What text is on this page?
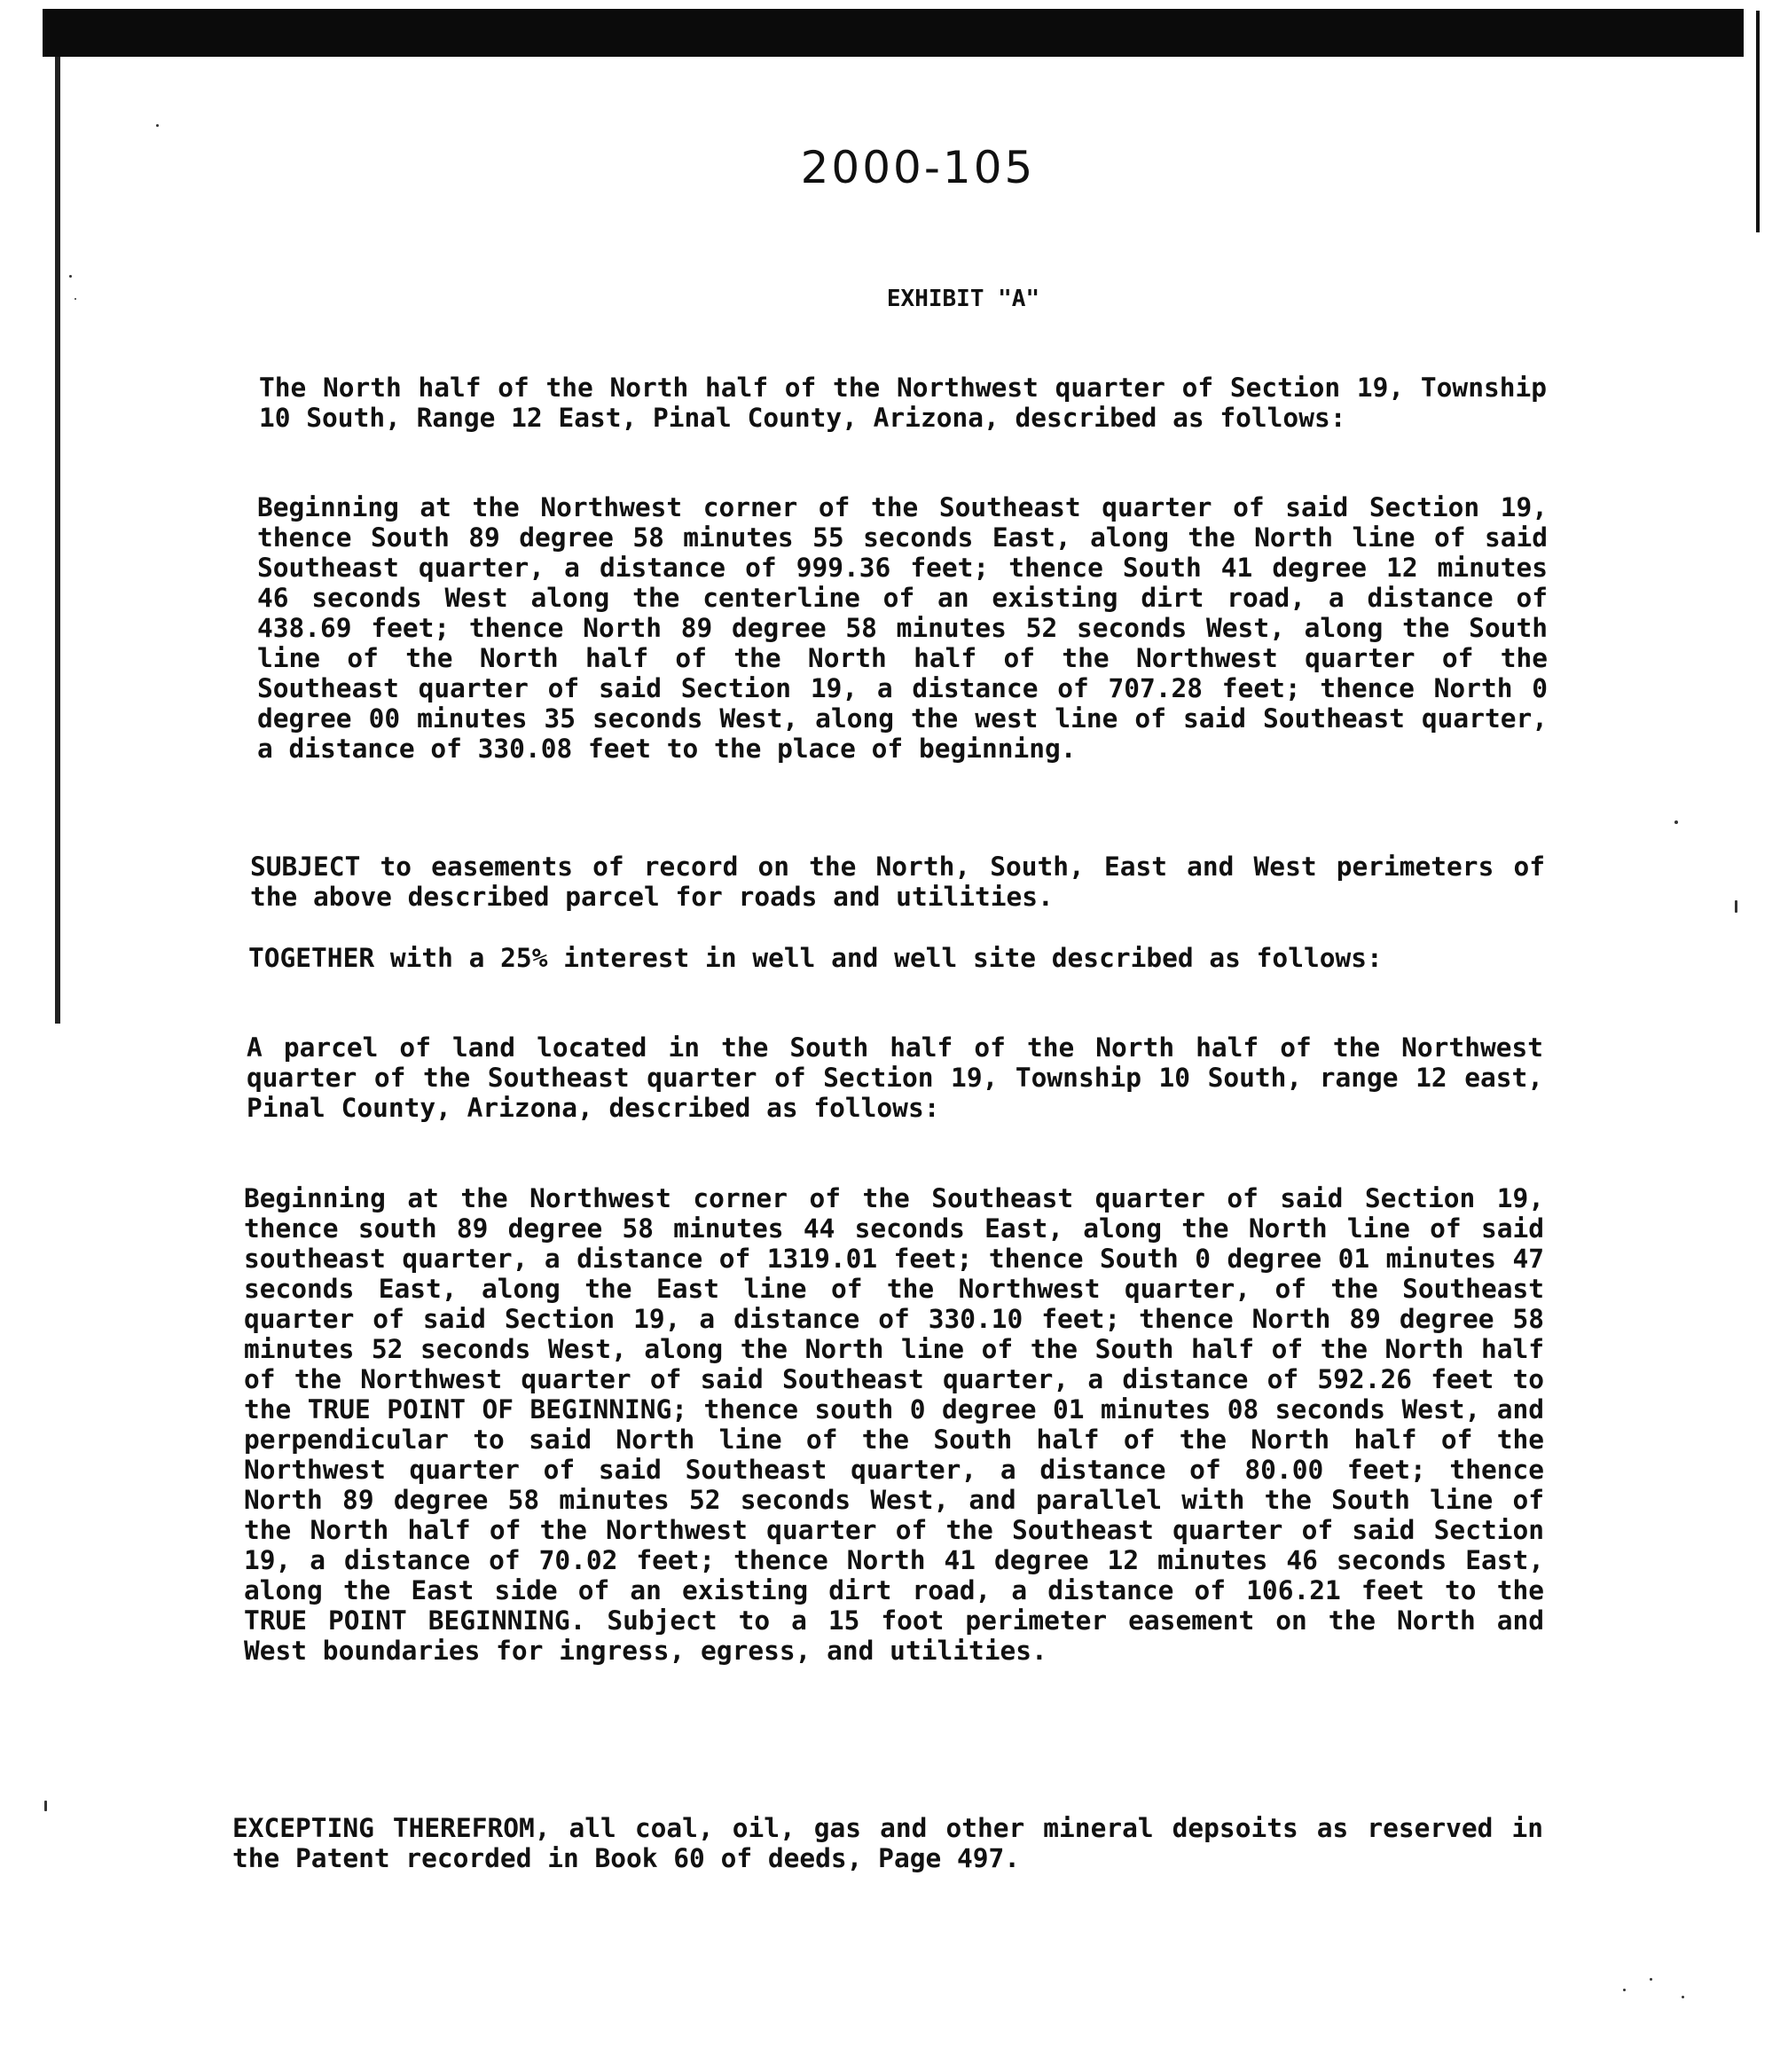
2000-105
EXHIBIT "A"

The North half of the North half of the Northwest quarter of Section 19, Township 10 South, Range 12 East, Pinal County, Arizona, described as follows:

Beginning at the Northwest corner of the Southeast quarter of said Section 19, thence South 89 degree 58 minutes 55 seconds East, along the North line of said Southeast quarter, a distance of 999.36 feet; thence South 41 degree 12 minutes 46 seconds West along the centerline of an existing dirt road, a distance of 438.69 feet; thence North 89 degree 58 minutes 52 seconds West, along the South line of the North half of the North half of the Northwest quarter of the Southeast quarter of said Section 19, a distance of 707.28 feet; thence North 0 degree 00 minutes 35 seconds West, along the west line of said Southeast quarter, a distance of 330.08 feet to the place of beginning.

SUBJECT to easements of record on the North, South, East and West perimeters of the above described parcel for roads and utilities.

TOGETHER with a 25% interest in well and well site described as follows:

A parcel of land located in the South half of the North half of the Northwest quarter of the Southeast quarter of Section 19, Township 10 South, range 12 east, Pinal County, Arizona, described as follows:

Beginning at the Northwest corner of the Southeast quarter of said Section 19, thence south 89 degree 58 minutes 44 seconds East, along the North line of said southeast quarter, a distance of 1319.01 feet; thence South 0 degree 01 minutes 47 seconds East, along the East line of the Northwest quarter, of the Southeast quarter of said Section 19, a distance of 330.10 feet; thence North 89 degree 58 minutes 52 seconds West, along the North line of the South half of the North half of the Northwest quarter of said Southeast quarter, a distance of 592.26 feet to the TRUE POINT OF BEGINNING; thence south 0 degree 01 minutes 08 seconds West, and perpendicular to said North line of the South half of the North half of the Northwest quarter of said Southeast quarter, a distance of 80.00 feet; thence North 89 degree 58 minutes 52 seconds West, and parallel with the South line of the North half of the Northwest quarter of the Southeast quarter of said Section 19, a distance of 70.02 feet; thence North 41 degree 12 minutes 46 seconds East, along the East side of an existing dirt road, a distance of 106.21 feet to the TRUE POINT BEGINNING. Subject to a 15 foot perimeter easement on the North and West boundaries for ingress, egress, and utilities.

EXCEPTING THEREFROM, all coal, oil, gas and other mineral depsoits as reserved in the Patent recorded in Book 60 of deeds, Page 497.
